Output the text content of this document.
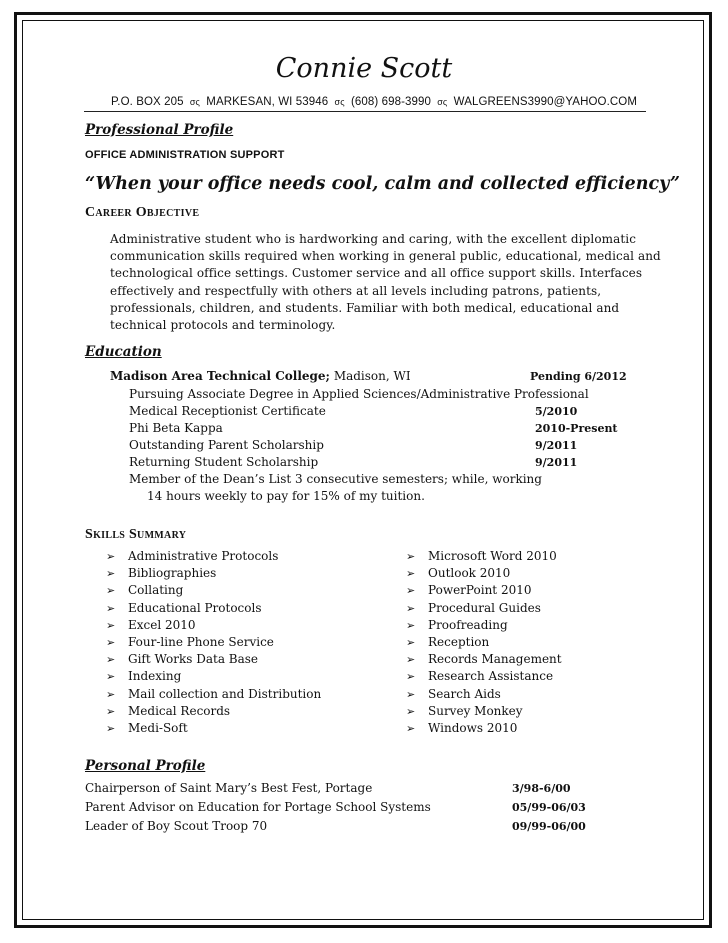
Connie Scott
P.O. BOX 205 σς MARKESAN, WI 53946 σς (608) 698-3990 σς WALGREENS3990@YAHOO.COM
Professional Profile
OFFICE ADMINISTRATION SUPPORT
“When your office needs cool, calm and collected efficiency”
Career Objective
Administrative student who is hardworking and caring, with the excellent diplomatic
communication skills required when working in general public, educational, medical and
technological office settings. Customer service and all office support skills. Interfaces
effectively and respectfully with others at all levels including patrons, patients,
professionals, children, and students. Familiar with both medical, educational and
technical protocols and terminology.
Education
Madison Area Technical College; Madison, WI	Pending 6/2012
Pursuing Associate Degree in Applied Sciences/Administrative Professional
Medical Receptionist Certificate	5/2010
Phi Beta Kappa	2010-Present
Outstanding Parent Scholarship	9/2011
Returning Student Scholarship	9/2011
Member of the Dean’s List 3 consecutive semesters; while, working
14 hours weekly to pay for 15% of my tuition.
Skills Summary
➢ Administrative Protocols
➢ Bibliographies
➢ Collating
➢ Educational Protocols
➢ Excel 2010
➢ Four-line Phone Service
➢ Gift Works Data Base
➢ Indexing
➢ Mail collection and Distribution
➢ Medical Records
➢ Medi-Soft
➢ Microsoft Word 2010
➢ Outlook 2010
➢ PowerPoint 2010
➢ Procedural Guides
➢ Proofreading
➢ Reception
➢ Records Management
➢ Research Assistance
➢ Search Aids
➢ Survey Monkey
➢ Windows 2010
Personal Profile
Chairperson of Saint Mary’s Best Fest, Portage	3/98-6/00
Parent Advisor on Education for Portage School Systems	05/99-06/03
Leader of Boy Scout Troop 70	09/99-06/00
